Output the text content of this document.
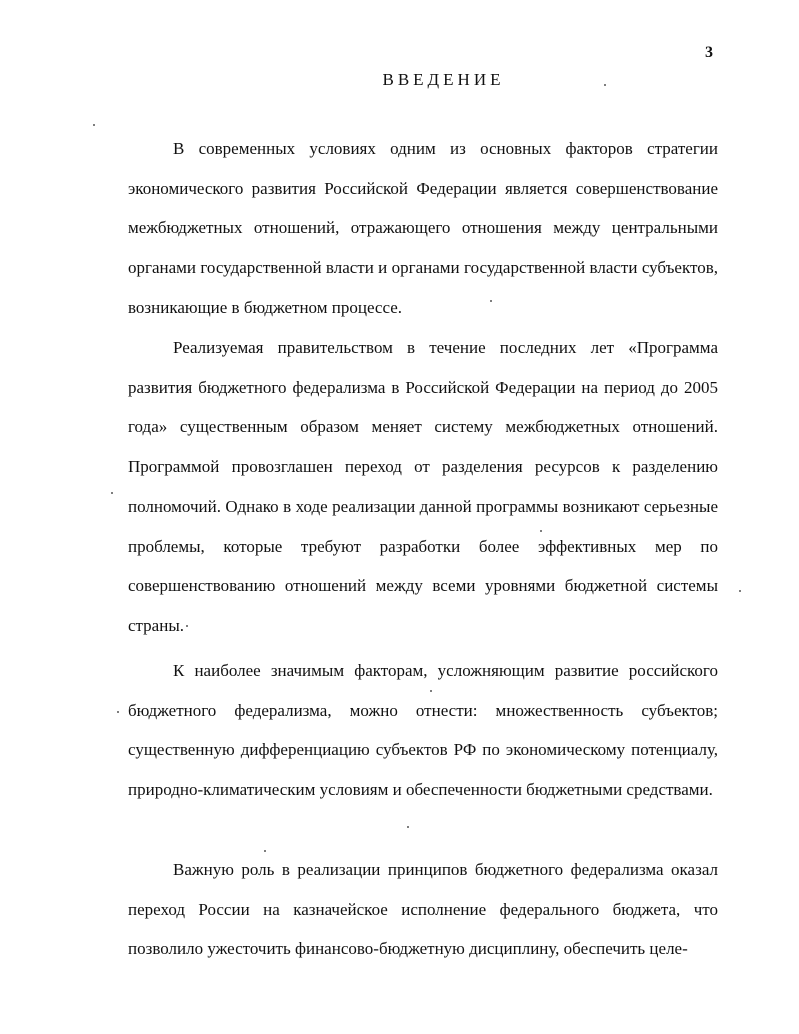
3
ВВЕДЕНИЕ

В современных условиях одним из основных факторов стратегии экономического развития Российской Федерации является совершенствование межбюджетных отношений, отражающего отношения между центральными органами государственной власти и органами государственной власти субъектов, возникающие в бюджетном процессе.

Реализуемая правительством в течение последних лет «Программа развития бюджетного федерализма в Российской Федерации на период до 2005 года» существенным образом меняет систему межбюджетных отношений. Программой провозглашен переход от разделения ресурсов к разделению полномочий. Однако в ходе реализации данной программы возникают серьезные проблемы, которые требуют разработки более эффективных мер по совершенствованию отношений между всеми уровнями бюджетной системы страны.

К наиболее значимым факторам, усложняющим развитие российского бюджетного федерализма, можно отнести: множественность субъектов; существенную дифференциацию субъектов РФ по экономическому потенциалу, природно-климатическим условиям и обеспеченности бюджетными средствами.

Важную роль в реализации принципов бюджетного федерализма оказал переход России на казначейское исполнение федерального бюджета, что позволило ужесточить финансово-бюджетную дисциплину, обеспечить целе-
